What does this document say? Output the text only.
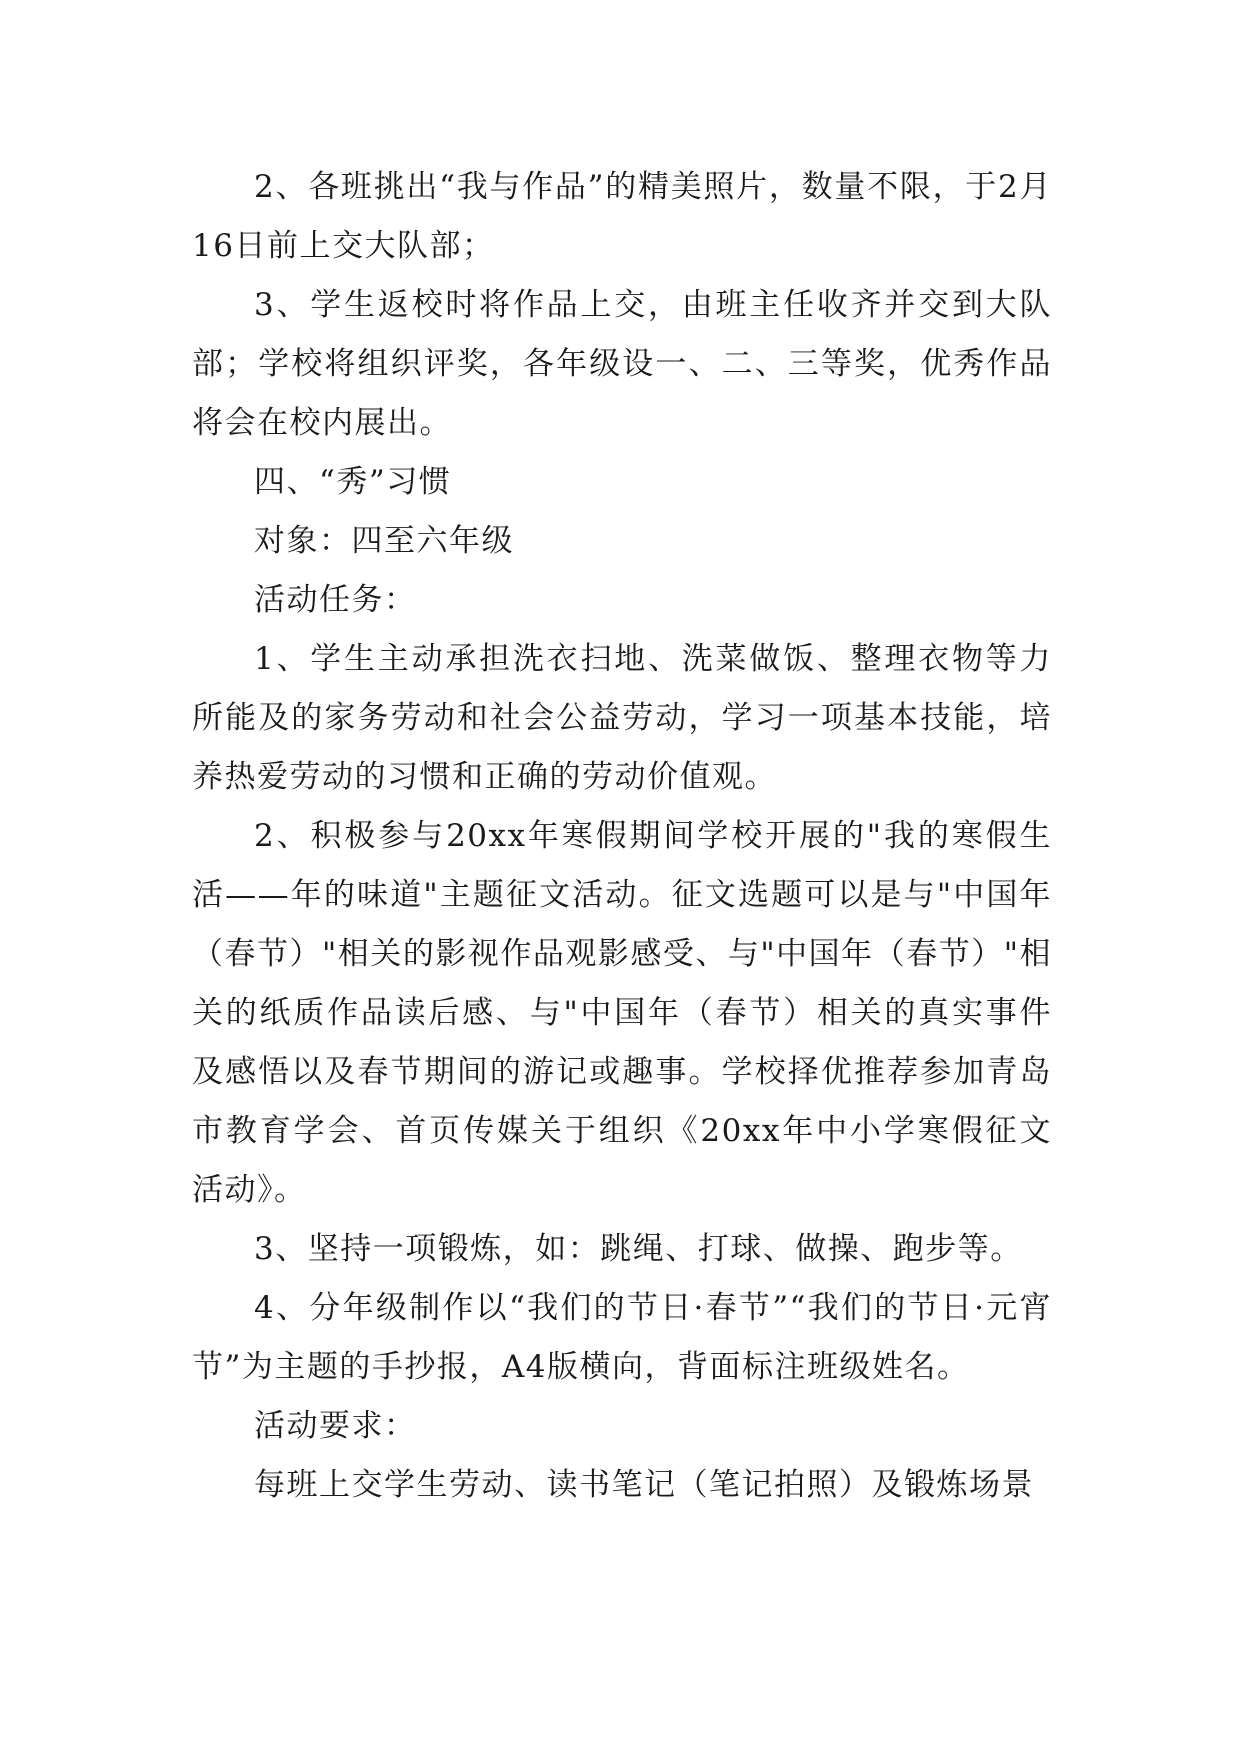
2、各班挑出“我与作品”的精美照片，数量不限，于2月16日前上交大队部；

3、学生返校时将作品上交，由班主任收齐并交到大队部；学校将组织评奖，各年级设一、二、三等奖，优秀作品将会在校内展出。

四、“秀”习惯

对象：四至六年级

活动任务：

1、学生主动承担洗衣扫地、洗菜做饭、整理衣物等力所能及的家务劳动和社会公益劳动，学习一项基本技能，培养热爱劳动的习惯和正确的劳动价值观。

2、积极参与20xx年寒假期间学校开展的"我的寒假生活——年的味道"主题征文活动。征文选题可以是与"中国年（春节）"相关的影视作品观影感受、与"中国年（春节）"相关的纸质作品读后感、与"中国年（春节）相关的真实事件及感悟以及春节期间的游记或趣事。学校择优推荐参加青岛市教育学会、首页传媒关于组织《20xx年中小学寒假征文活动》。

3、坚持一项锻炼，如：跳绳、打球、做操、跑步等。

4、分年级制作以“我们的节日·春节”“我们的节日·元宵节”为主题的手抄报，A4版横向，背面标注班级姓名。

活动要求：

每班上交学生劳动、读书笔记（笔记拍照）及锻炼场景
